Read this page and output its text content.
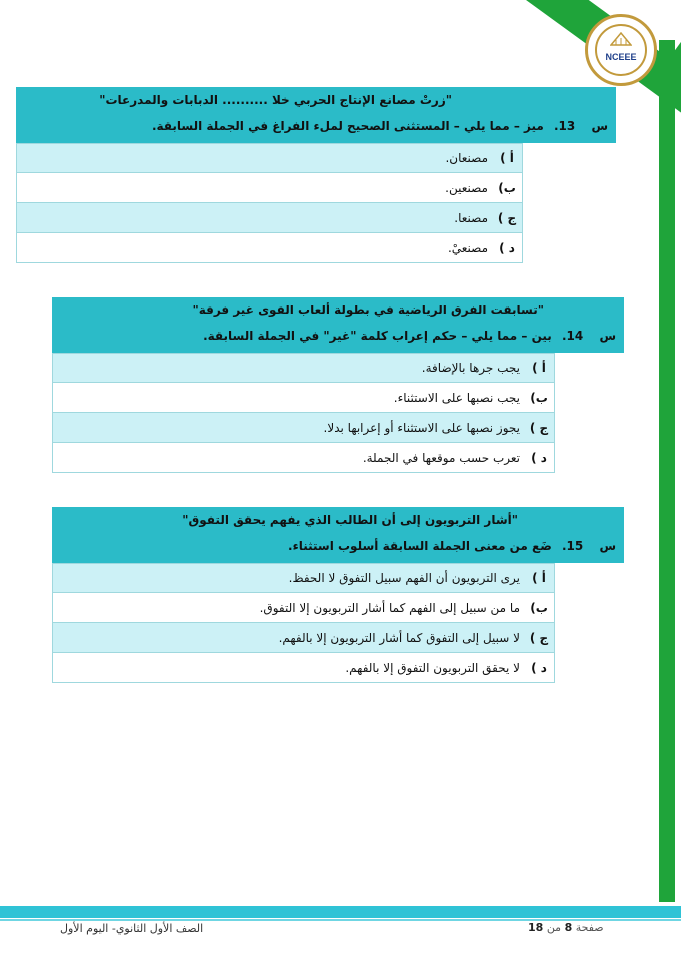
NCEEE
"زرتْ مصانع الإنتاج الحربي خلا .......... الدبابات والمدرعات"
س 13. ميز – مما يلي – المستثنى الصحيح لملء الفراغ في الجملة السابقة.
أ )
مصنعان.
ب)
مصنعين.
ج )
مصنعا.
د )
مصنعيْ.
"تسابقت الفرق الرياضية في بطولة ألعاب القوى غير فرقة"
س 14. بين – مما يلي – حكم إعراب كلمة "غير" في الجملة السابقة.
أ )
يجب جرها بالإضافة.
ب)
يجب نصبها على الاستثناء.
ج )
يجوز نصبها على الاستثناء أو إعرابها بدلا.
د )
تعرب حسب موقعها في الجملة.
"أشار التربويون إلى أن الطالب الذي يفهم يحقق التفوق"
س 15. ضَع من معنى الجملة السابقة أسلوب استثناء.
أ )
يرى التربويون أن الفهم سبيل التفوق لا الحفظ.
ب)
ما من سبيل إلى الفهم كما أشار التربويون إلا التفوق.
ج )
لا سبيل إلى التفوق كما أشار التربويون إلا بالفهم.
د )
لا يحقق التربويون التفوق إلا بالفهم.
الصف الأول الثانوي- اليوم الأول	صفحة 8 من 18
